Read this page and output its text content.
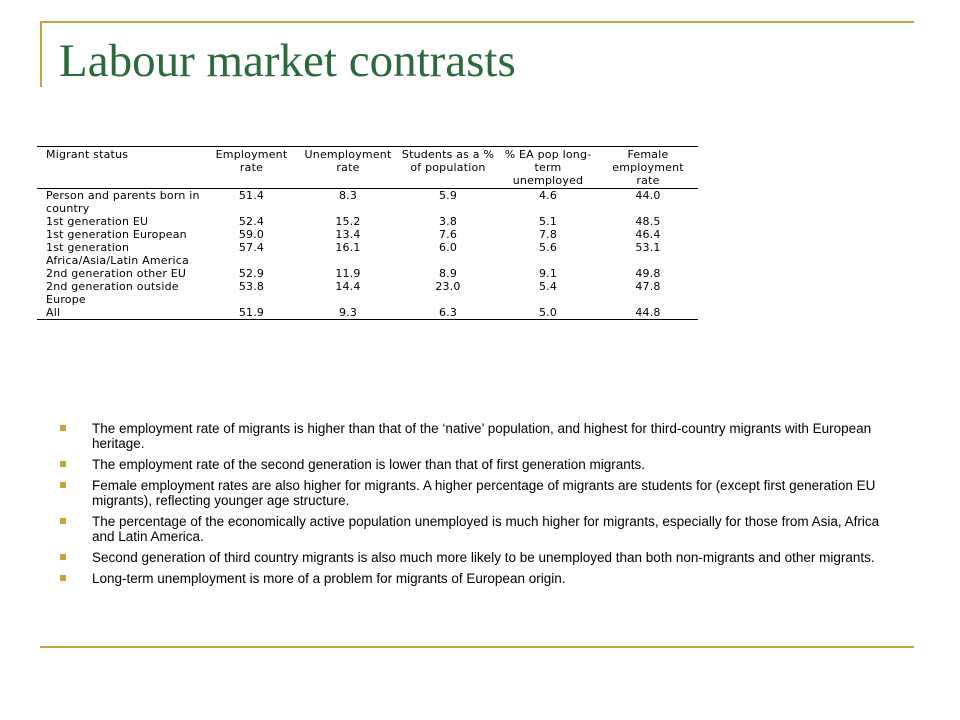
Labour market contrasts
Migrant status	Employment rate	Unemployment rate	Students as a % of population	% EA pop long-term unemployed	Female employment rate
Person and parents born in country	51.4	8.3	5.9	4.6	44.0
1st generation EU	52.4	15.2	3.8	5.1	48.5
1st generation European	59.0	13.4	7.6	7.8	46.4
1st generation Africa/Asia/Latin America	57.4	16.1	6.0	5.6	53.1
2nd generation other EU	52.9	11.9	8.9	9.1	49.8
2nd generation outside Europe	53.8	14.4	23.0	5.4	47.8
All	51.9	9.3	6.3	5.0	44.8
The employment rate of migrants is higher than that of the ‘native’ population, and highest for third-country migrants with European heritage.
The employment rate of the second generation is lower than that of first generation migrants.
Female employment rates are also higher for migrants. A higher percentage of migrants are students for (except first generation EU migrants), reflecting younger age structure.
The percentage of the economically active population unemployed is much higher for migrants, especially for those from Asia, Africa and Latin America.
Second generation of third country migrants is also much more likely to be unemployed than both non-migrants and other migrants.
Long-term unemployment is more of a problem for migrants of European origin.
